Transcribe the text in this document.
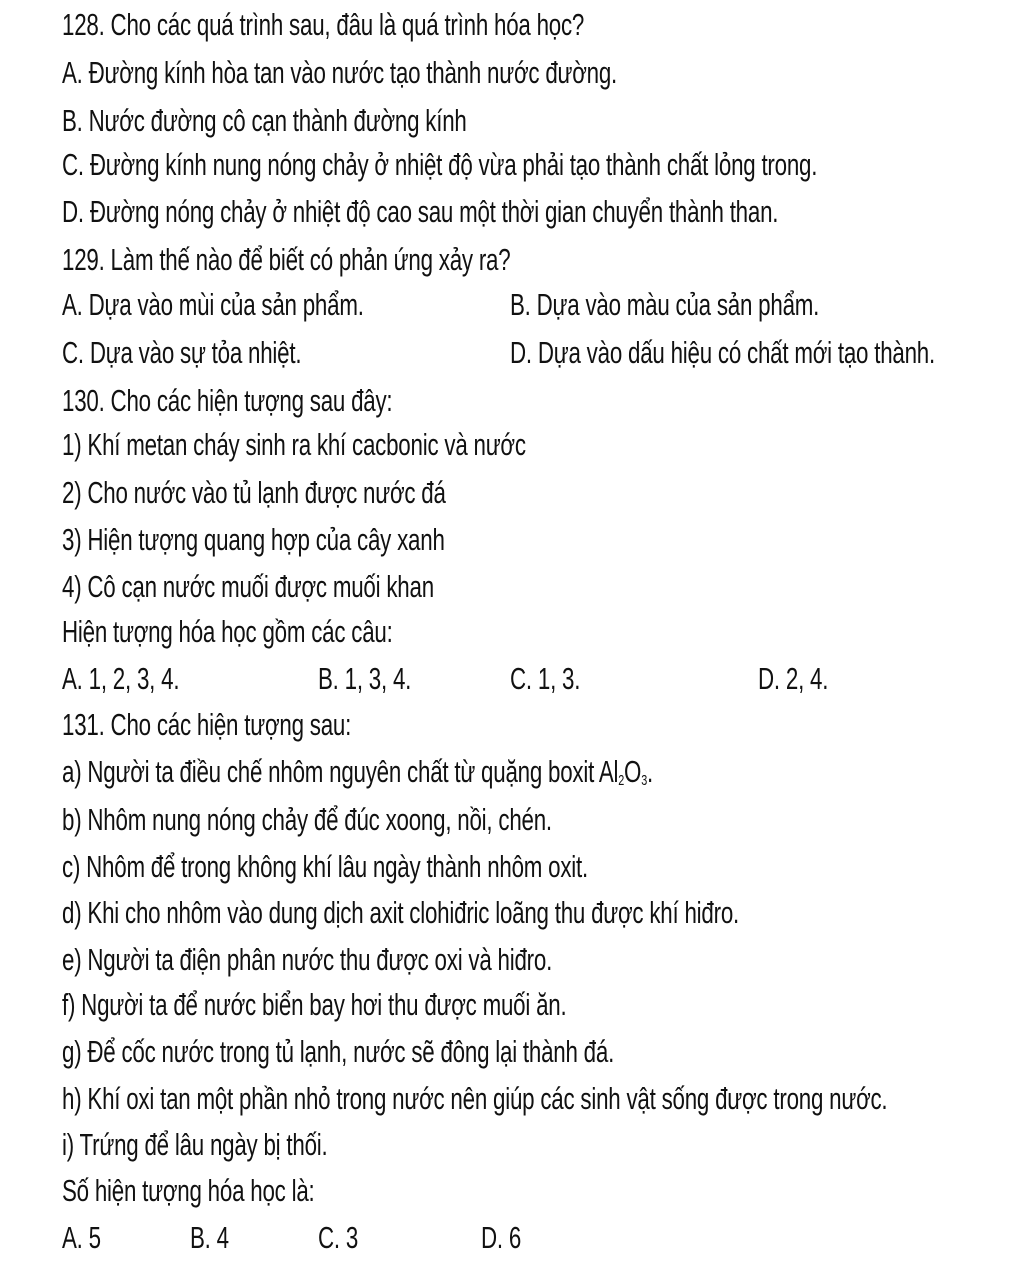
128. Cho các quá trình sau, đâu là quá trình hóa học?
A. Đường kính hòa tan vào nước tạo thành nước đường.
B. Nước đường cô cạn thành đường kính
C. Đường kính nung nóng chảy ở nhiệt độ vừa phải tạo thành chất lỏng trong.
D. Đường nóng chảy ở nhiệt độ cao sau một thời gian chuyển thành than.
129. Làm thế nào để biết có phản ứng xảy ra?
A. Dựa vào mùi của sản phẩm.	B. Dựa vào màu của sản phẩm.
C. Dựa vào sự tỏa nhiệt.	D. Dựa vào dấu hiệu có chất mới tạo thành.
130. Cho các hiện tượng sau đây:
1) Khí metan cháy sinh ra khí cacbonic và nước
2) Cho nước vào tủ lạnh được nước đá
3) Hiện tượng quang hợp của cây xanh
4) Cô cạn nước muối được muối khan
Hiện tượng hóa học gồm các câu:
A. 1, 2, 3, 4.	B. 1, 3, 4.	C. 1, 3.	D. 2, 4.
131. Cho các hiện tượng sau:
a) Người ta điều chế nhôm nguyên chất từ quặng boxit $Al_2O_3$.
b) Nhôm nung nóng chảy để đúc xoong, nồi, chén.
c) Nhôm để trong không khí lâu ngày thành nhôm oxit.
d) Khi cho nhôm vào dung dịch axit clohiđric loãng thu được khí hiđro.
e) Người ta điện phân nước thu được oxi và hiđro.
f) Người ta để nước biển bay hơi thu được muối ăn.
g) Để cốc nước trong tủ lạnh, nước sẽ đông lại thành đá.
h) Khí oxi tan một phần nhỏ trong nước nên giúp các sinh vật sống được trong nước.
i) Trứng để lâu ngày bị thối.
Số hiện tượng hóa học là:
A. 5	B. 4	C. 3	D. 6
